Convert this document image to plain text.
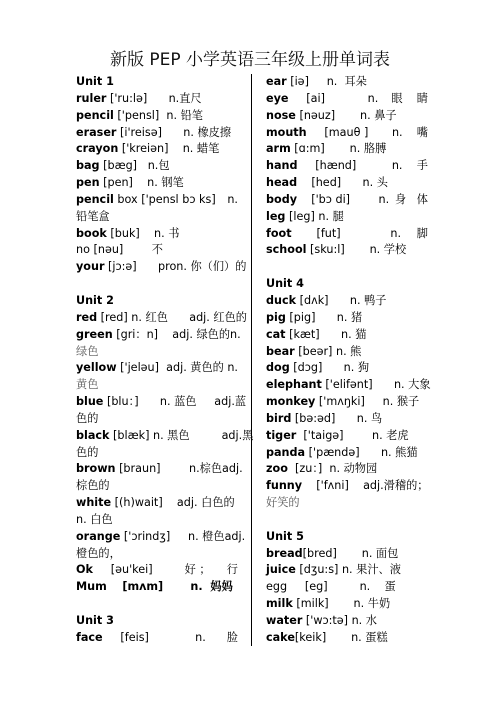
新版 PEP 小学英语三年级上册单词表
Unit 1
ruler ['ru:lə]      n.直尺
pencil ['pensl]  n. 铅笔
eraser [i'reisə]      n. 橡皮擦
crayon ['kreiən]    n. 蜡笔
bag [bæg]   n.包
pen [pen]    n. 钢笔
pencil box ['pensl bɔ ks] n.
铅笔盒
book [buk]    n. 书
no [nəu]        不
your [jɔ:ə]      pron. 你（们）的
Unit 2
red [red] n. 红色      adj. 红色的
green [gri：n]    adj. 绿色的 n.
绿色
yellow ['jeləu]  adj. 黄色的 n.
黄色
blue [blu：]      n. 蓝色     adj. 蓝
色的
black [blæk] n. 黑色         adj. 黑
色的
brown [braun]        n.棕色 adj.
棕色的
white [(h)wait]    adj. 白色的
n. 白色
orange ['ɔrindʒ]     n. 橙色 adj.
橙色的，
Ok     [əu'kei]         好 ； 行
Mum    [mʌm]       n.  妈妈
Unit 3
face     [feis]             n. 脸
ear [iə]     n.  耳朵
eye     [ai]            n. 眼    睛
nose [nəuz]       n. 鼻子
mouth     [mauθ ] n.    嘴
arm [ɑ:m]       n. 胳膊
hand     [hænd]          n. 手
head    [hed]      n. 头
body    ['bɔ di]        n. 身   体
leg [leg] n. 腿
foot       [fut]              n. 脚
school [sku:l]       n. 学校
Unit 4
duck [dʌk]      n. 鸭子
pig [pig]      n. 猪
cat [kæt]      n. 猫
bear [beər] n. 熊
dog [dɔg]      n. 狗
elephant ['elifənt]      n. 大象
monkey ['mʌŋki]     n. 猴子
bird [bə:əd]      n. 鸟
tiger  ['taigə]        n. 老虎
panda ['pændə]      n. 熊猫
zoo  [zu：]  n. 动物园
funny    ['fʌni]    adj. 滑稽的；
好笑的
Unit 5
bread[bred]       n. 面包
juice [dʒu:s] n. 果汁、液
egg     [eg]         n.    蛋
milk [milk]       n. 牛奶
water ['wɔ:tə] n. 水
cake[keik]       n. 蛋糕
